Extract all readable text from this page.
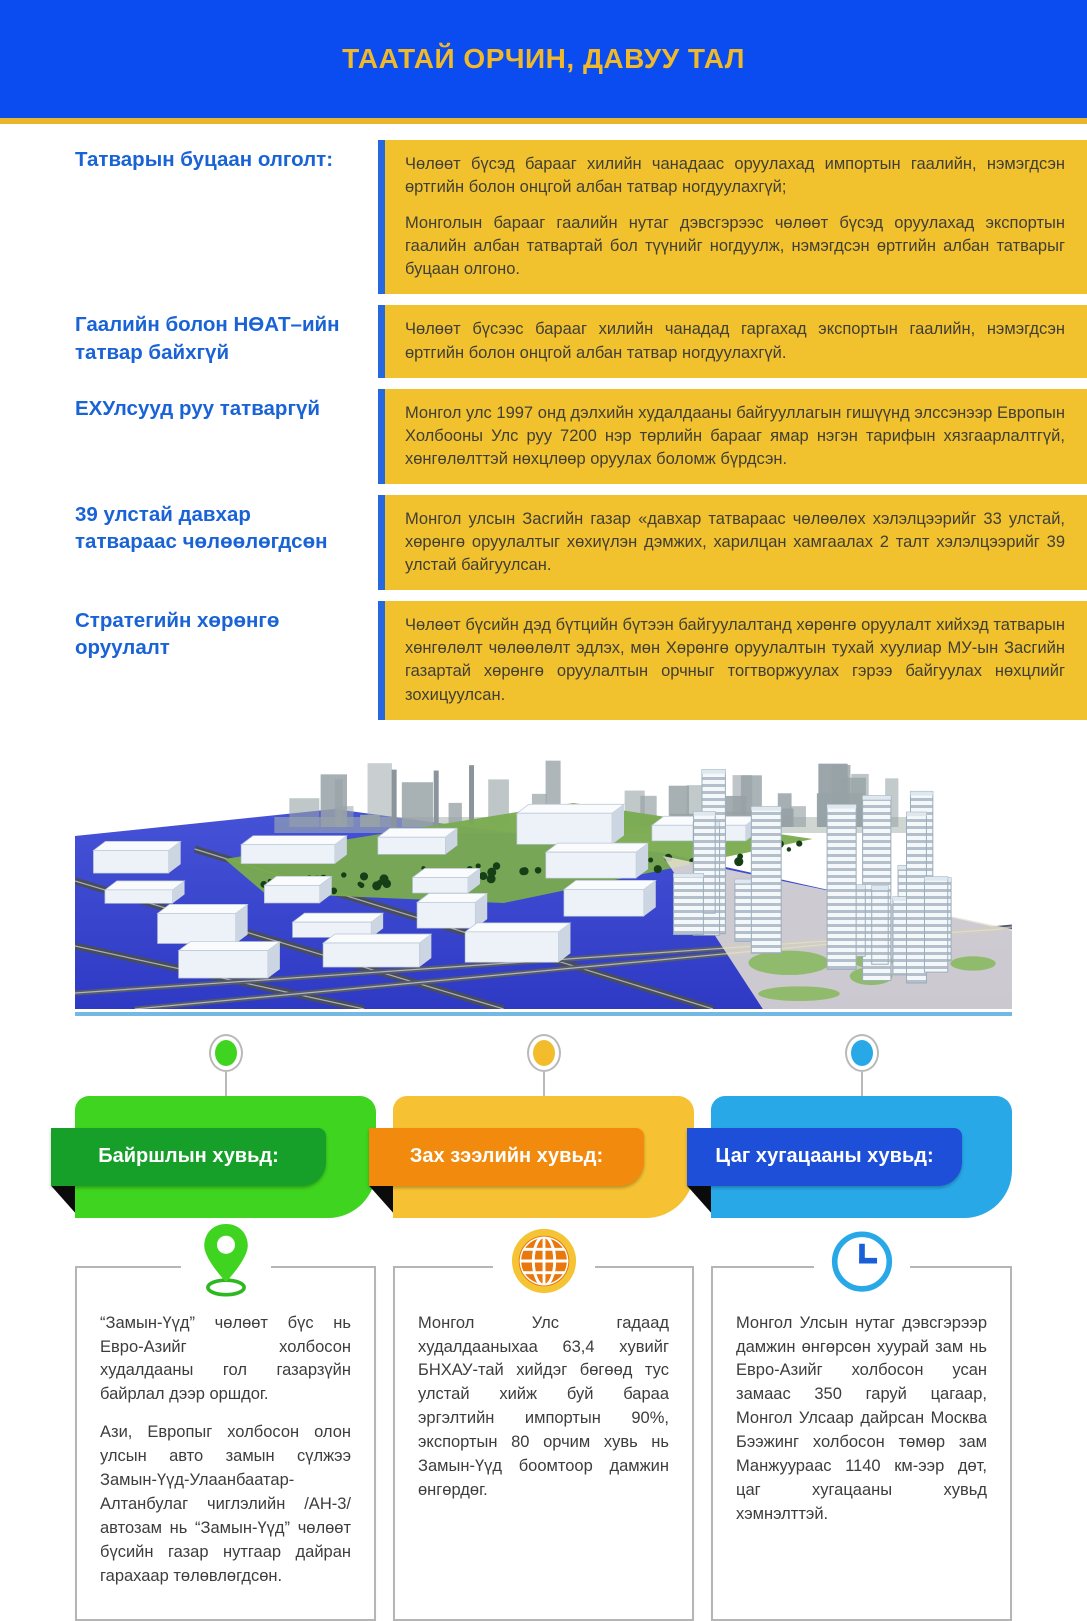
ТААТАЙ ОРЧИН, ДАВУУ ТАЛ
Татварын буцаан олголт:	Чөлөөт бүсэд барааг хилийн чанадаас оруулахад импортын гаалийн, нэмэгдсэн өртгийн болон онцгой албан татвар ногдуулахгүй;

Монголын барааг гаалийн нутаг дэвсгэрээс чөлөөт бүсэд оруулахад экспортын гаалийн албан татвартай бол түүнийг ногдуулж, нэмэгдсэн өртгийн албан татварыг буцаан олгоно.

Гаалийн болон НӨАТ–ийн татвар байхгүй

Чөлөөт бүсээс барааг хилийн чанадад гаргахад экспортын гаалийн, нэмэгдсэн өртгийн болон онцгой албан татвар ногдуулахгүй.

ЕХУлсууд руу татваргүй	Монгол улс 1997 онд дэлхийн худалдааны байгууллагын гишүүнд элссэнээр Европын Холбооны Улс руу 7200 нэр төрлийн барааг ямар нэгэн тарифын хязгаарлалтгүй, хөнгөлөлттэй нөхцлөөр оруулах боломж бүрдсэн.

39 улстай давхар татвараас чөлөөлөгдсөн

Монгол улсын Засгийн газар «давхар татвараас чөлөөлөх хэлэлцээрийг 33 улстай, хөрөнгө оруулалтыг хөхиүлэн дэмжих, харилцан хамгаалах 2 талт хэлэлцээрийг 39 улстай байгуулсан.

Стратегийн хөрөнгө оруулалт

Чөлөөт бүсийн дэд бүтцийн бүтээн байгуулалтанд хөрөнгө оруулалт хийхэд татварын хөнгөлөлт чөлөөлөлт эдлэх, мөн Хөрөнгө оруулалтын тухай хуулиар МУ-ын Засгийн газартай хөрөнгө оруулалтын орчныг тогтворжуулах гэрээ байгуулах нөхцлийг зохицуулсан.

Байршлын хувьд:

“Замын-Үүд” чөлөөт бүс нь Евро-Азийг холбосон худалдааны гол газарзүйн байрлал дээр оршдог.

Ази, Европыг холбосон олон улсын авто замын сүлжээ Замын-Үүд-Улаанбаатар-Алтанбулаг чиглэлийн /АН-3/ автозам нь “Замын-Үүд” чөлөөт бүсийн газар нутгаар дайран гарахаар төлөвлөгдсөн.

Зах зээлийн хувьд:

Монгол Улс гадаад худалдааныхаа 63,4 хувийг БНХАУ-тай хийдэг бөгөөд тус улстай хийж буй бараа эргэлтийн импортын 90%, экспортын 80 орчим хувь нь Замын-Үүд боомтоор дамжин өнгөрдөг.

Цаг хугацааны хувьд:

Монгол Улсын нутаг дэвсгэрээр дамжин өнгөрсөн хуурай зам нь Евро-Азийг холбосон усан замаас 350 гаруй цагаар, Монгол Улсаар дайрсан Москва Бээжинг холбосон төмөр зам Манжуураас 1140 км-ээр дөт, цаг хугацааны хувьд хэмнэлттэй.
